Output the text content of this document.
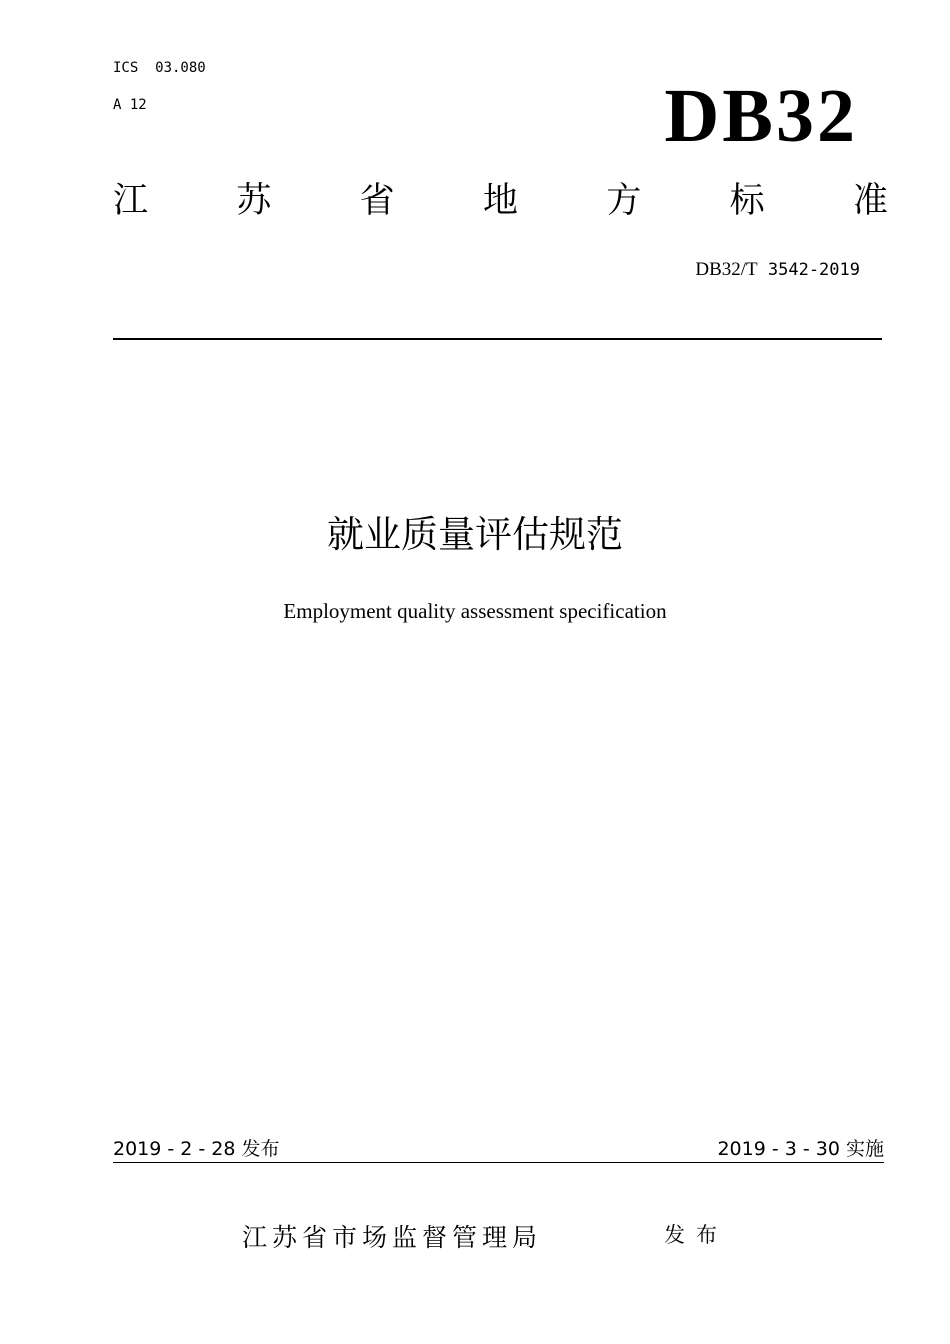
ICS  03.080
A 12	DB32
江	苏	省	地	方	标	准
DB32/T 3542-2019
就业质量评估规范
Employment quality assessment specification
2019 - 2 - 28 发布	2019 - 3 - 30 实施
江苏省市场监督管理局	发布
